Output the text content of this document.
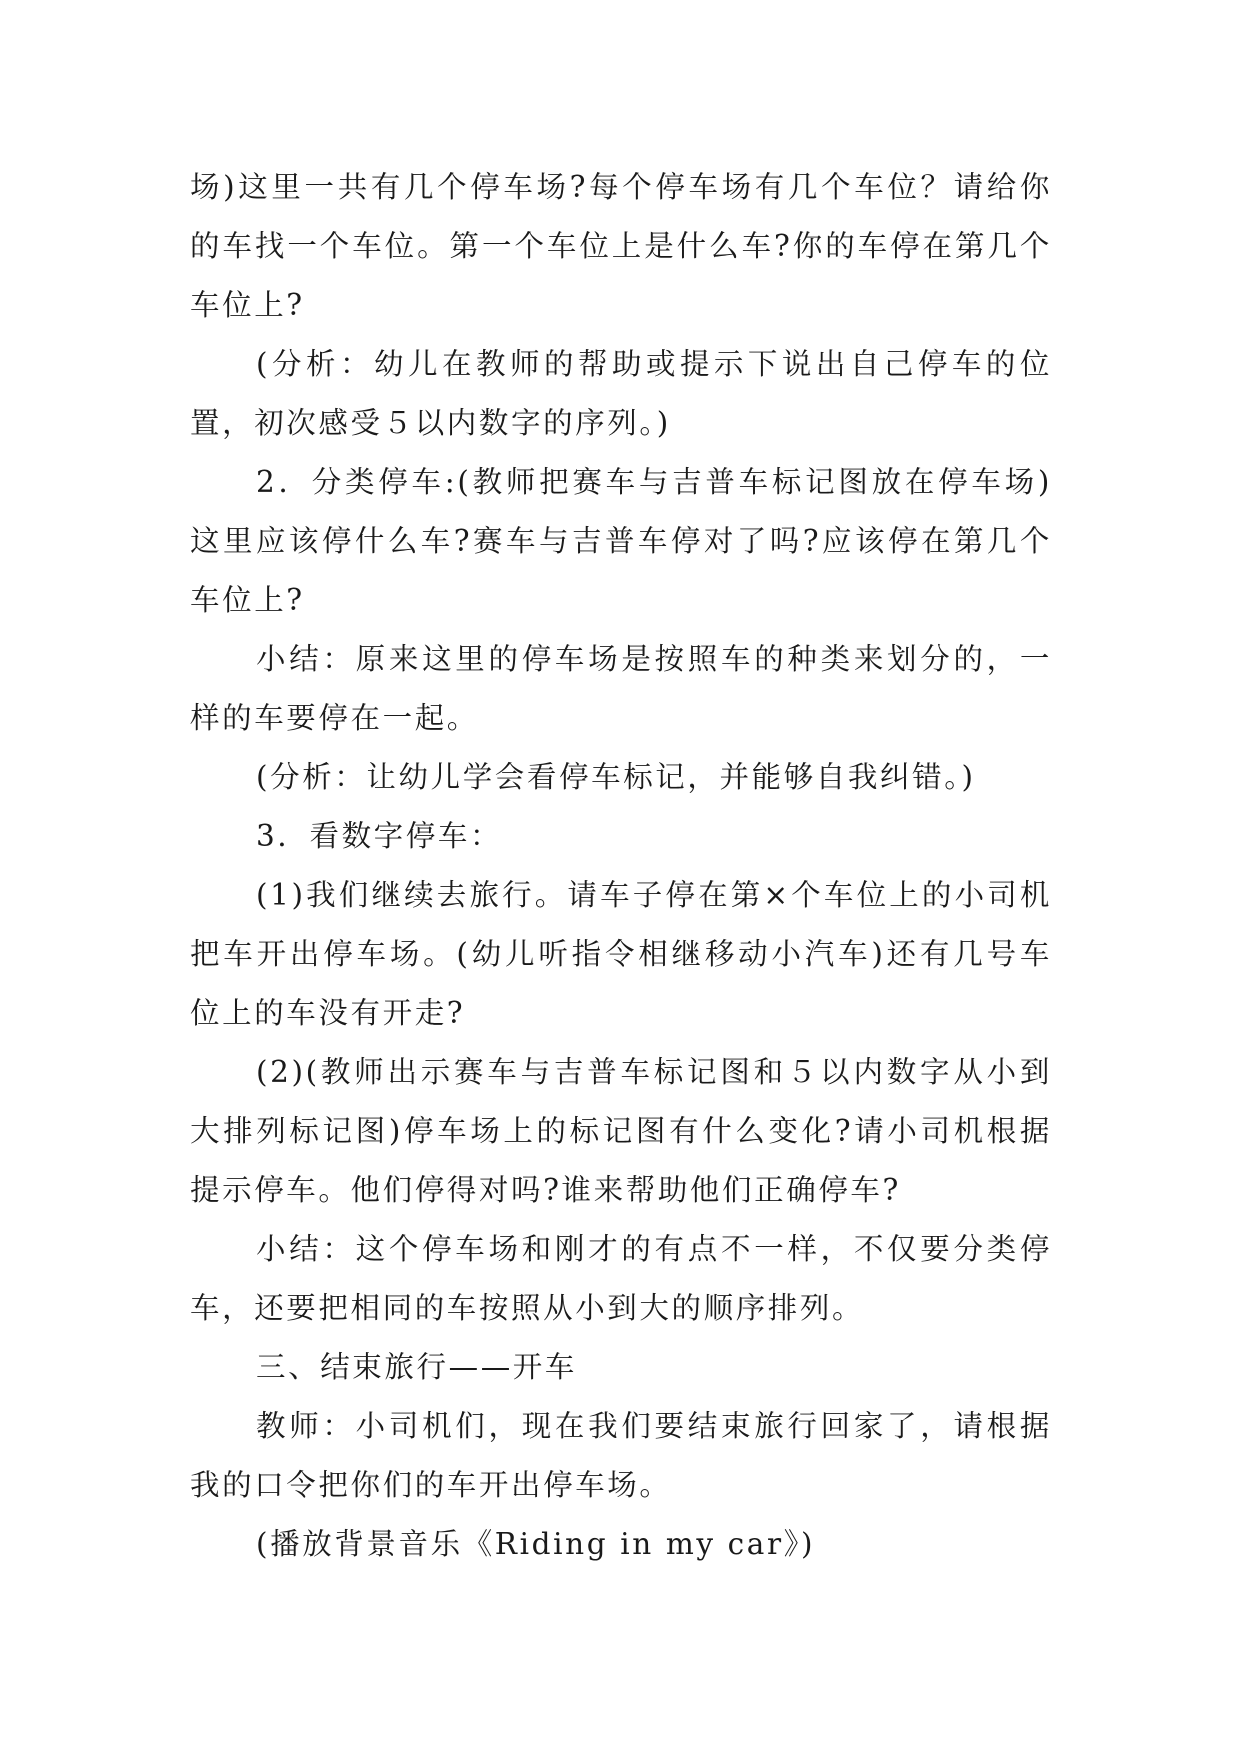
场)这里一共有几个停车场?每个停车场有几个车位？请给你的车找一个车位。第一个车位上是什么车?你的车停在第几个车位上?

(分析：幼儿在教师的帮助或提示下说出自己停车的位置，初次感受５以内数字的序列。)

2．分类停车:(教师把赛车与吉普车标记图放在停车场)这里应该停什么车?赛车与吉普车停对了吗?应该停在第几个车位上?

小结：原来这里的停车场是按照车的种类来划分的，一样的车要停在一起。

(分析：让幼儿学会看停车标记，并能够自我纠错。)

3．看数字停车：

(1)我们继续去旅行。请车子停在第×个车位上的小司机把车开出停车场。(幼儿听指令相继移动小汽车)还有几号车位上的车没有开走?

(2)(教师出示赛车与吉普车标记图和５以内数字从小到大排列标记图)停车场上的标记图有什么变化?请小司机根据提示停车。他们停得对吗?谁来帮助他们正确停车?

小结：这个停车场和刚才的有点不一样，不仅要分类停车，还要把相同的车按照从小到大的顺序排列。

三、结束旅行——开车

教师：小司机们，现在我们要结束旅行回家了，请根据我的口令把你们的车开出停车场。

(播放背景音乐《Riding in my car》)
